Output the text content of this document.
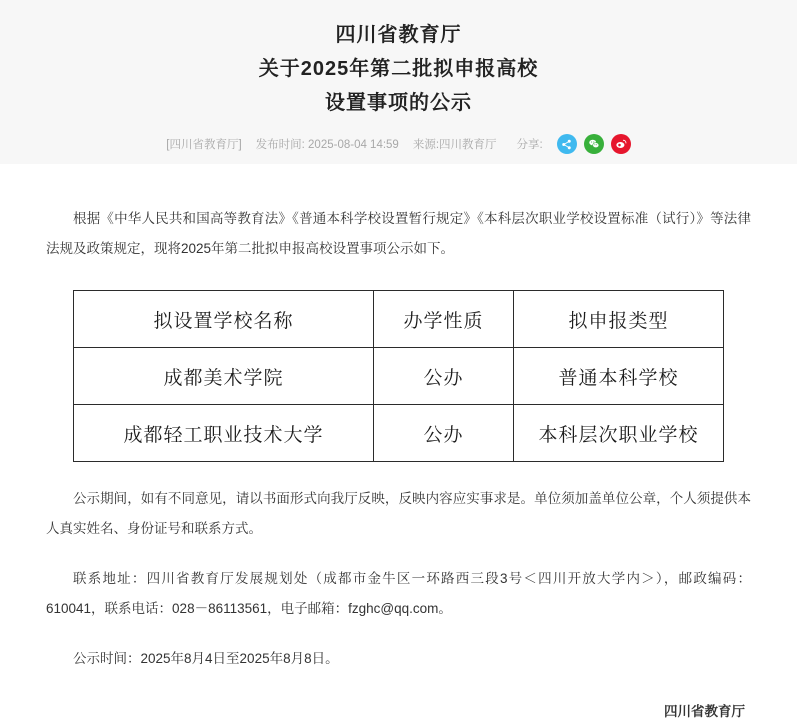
四川省教育厅
关于2025年第二批拟申报高校
设置事项的公示
[四川省教育厅] 发布时间: 2025-08-04 14:59 来源:四川教育厅 分享:

根据《中华人民共和国高等教育法》《普通本科学校设置暂行规定》《本科层次职业学校设置标准（试行）》等法律法规及政策规定，现将2025年第二批拟申报高校设置事项公示如下。

拟设置学校名称	办学性质	拟申报类型
成都美术学院	公办	普通本科学校
成都轻工职业技术大学	公办	本科层次职业学校

公示期间，如有不同意见，请以书面形式向我厅反映，反映内容应实事求是。单位须加盖单位公章，个人须提供本人真实姓名、身份证号和联系方式。

联系地址：四川省教育厅发展规划处（成都市金牛区一环路西三段3号＜四川开放大学内＞），邮政编码：610041，联系电话：028－86113561，电子邮箱：fzghc@qq.com。

公示时间：2025年8月4日至2025年8月8日。

四川省教育厅
